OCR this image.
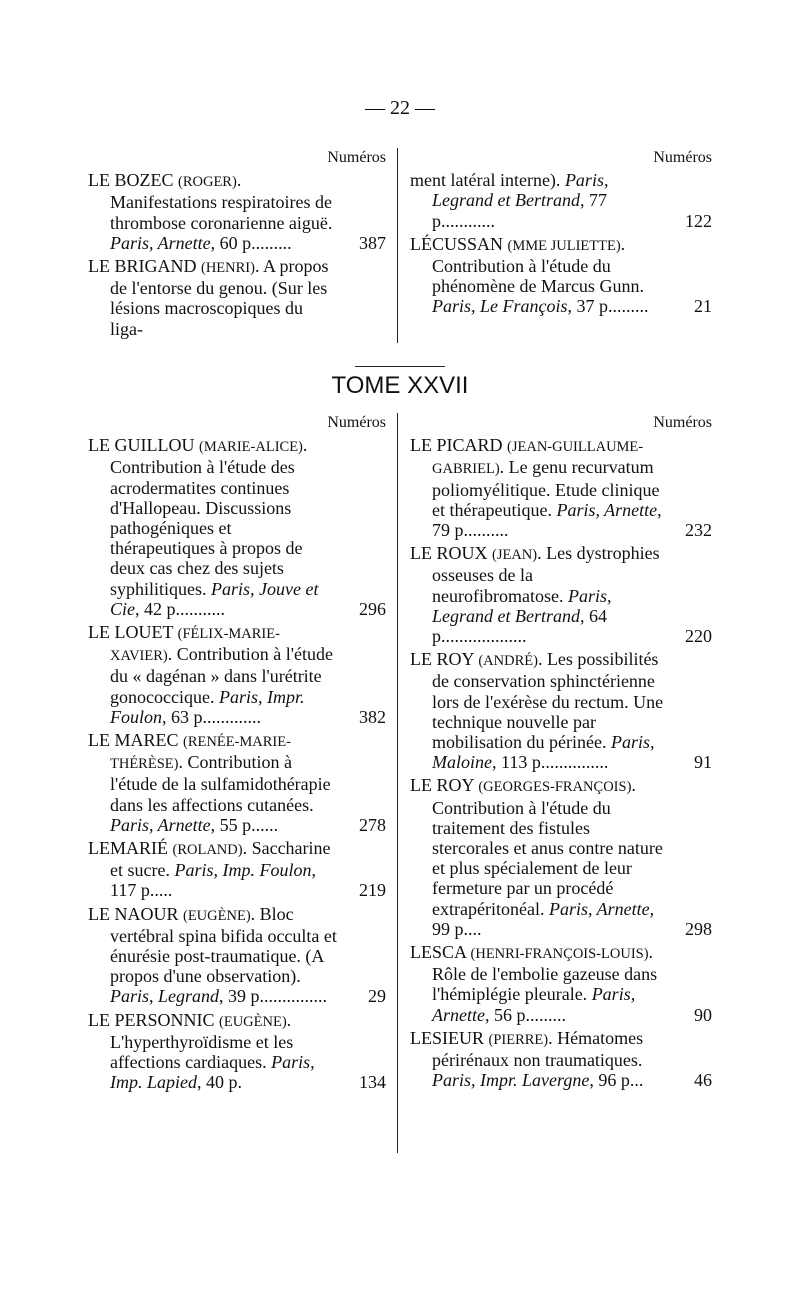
— 22 —
Numéros
LE BOZEC (ROGER). Manifestations respiratoires de thrombose coronarienne aiguë. Paris, Arnette, 60 p.........	387
LE BRIGAND (HENRI). A propos de l'entorse du genou. (Sur les lésions macroscopiques du liga-
Numéros
ment latéral interne). Paris, Legrand et Bertrand, 77 p............	122
LÉCUSSAN (MME JULIETTE). Contribution à l'étude du phénomène de Marcus Gunn. Paris, Le François, 37 p.........	21
TOME XXVII
Numéros
LE GUILLOU (MARIE-ALICE). Contribution à l'étude des acrodermatites continues d'Hallopeau. Discussions pathogéniques et thérapeutiques à propos de deux cas chez des sujets syphilitiques. Paris, Jouve et Cie, 42 p...........	296
LE LOUET (FÉLIX-MARIE-XAVIER). Contribution à l'étude du « dagénan » dans l'urétrite gonococcique. Paris, Impr. Foulon, 63 p.............	382
LE MAREC (RENÉE-MARIE-THÉRÈSE). Contribution à l'étude de la sulfamidothérapie dans les affections cutanées. Paris, Arnette, 55 p......	278
LEMARIÉ (ROLAND). Saccharine et sucre. Paris, Imp. Foulon, 117 p.....	219
LE NAOUR (EUGÈNE). Bloc vertébral spina bifida occulta et énurésie post-traumatique. (A propos d'une observation). Paris, Legrand, 39 p...............	29
LE PERSONNIC (EUGÈNE). L'hyperthyroïdisme et les affections cardiaques. Paris, Imp. Lapied, 40 p.	134
Numéros
LE PICARD (JEAN-GUILLAUME-GABRIEL). Le genu recurvatum poliomyélitique. Etude clinique et thérapeutique. Paris, Arnette, 79 p..........	232
LE ROUX (JEAN). Les dystrophies osseuses de la neurofibromatose. Paris, Legrand et Bertrand, 64 p...................	220
LE ROY (ANDRÉ). Les possibilités de conservation sphinctérienne lors de l'exérèse du rectum. Une technique nouvelle par mobilisation du périnée. Paris, Maloine, 113 p...............	91
LE ROY (GEORGES-FRANÇOIS). Contribution à l'étude du traitement des fistules stercorales et anus contre nature et plus spécialement de leur fermeture par un procédé extrapéritonéal. Paris, Arnette, 99 p....	298
LESCA (HENRI-FRANÇOIS-LOUIS). Rôle de l'embolie gazeuse dans l'hémiplégie pleurale. Paris, Arnette, 56 p.........	90
LESIEUR (PIERRE). Hématomes périrénaux non traumatiques. Paris, Impr. Lavergne, 96 p...	46
